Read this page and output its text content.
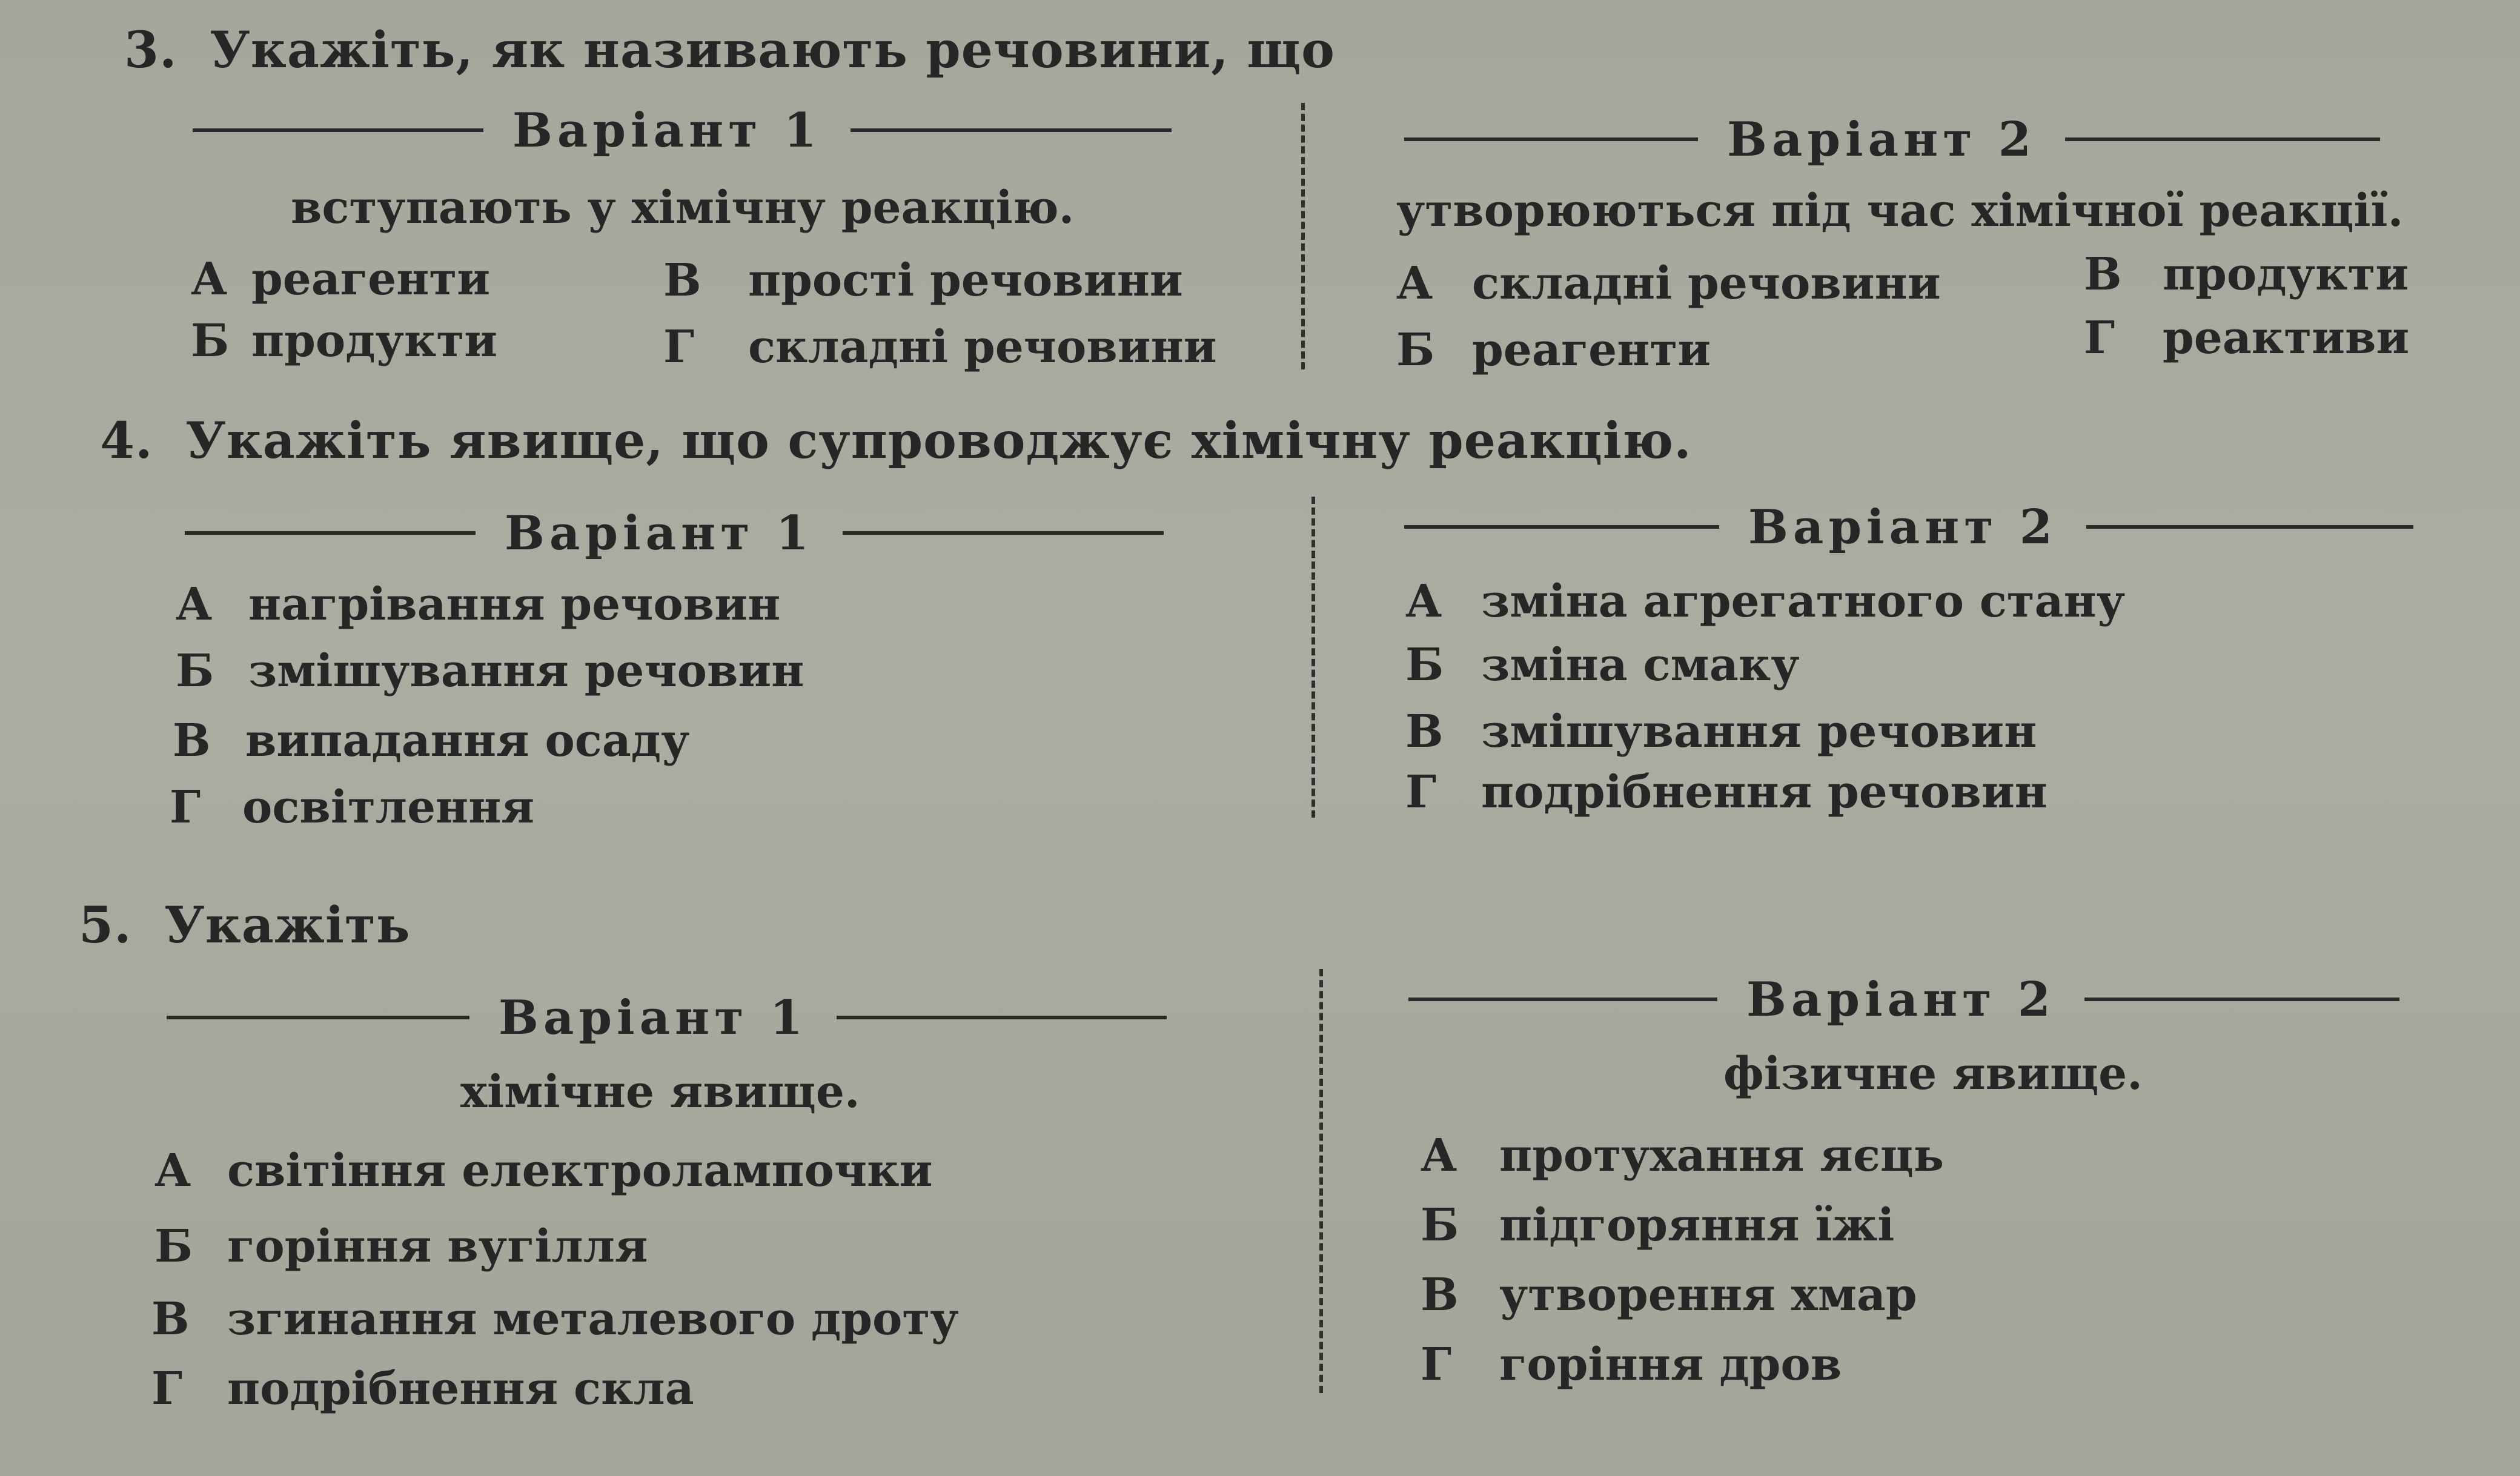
3. Укажіть, як називають речовини, що
Варіант 1	Варіант 2
вступають у хімічну реакцію.	утворюються під час хімічної реакції.
А реагенти
Б продукти
В прості речовини
Г складні речовини
А складні речовини
Б реагенти
В продукти
Г реактиви
4. Укажіть явище, що супроводжує хімічну реакцію.
Варіант 1	Варіант 2
А нагрівання речовин
Б змішування речовин
В випадання осаду
Г освітлення
А зміна агрегатного стану
Б зміна смаку
В змішування речовин
Г подрібнення речовин
5. Укажіть
Варіант 1	Варіант 2
хімічне явище.	фізичне явище.
А світіння електролампочки
Б горіння вугілля
В згинання металевого дроту
Г подрібнення скла
А протухання яєць
Б підгоряння їжі
В утворення хмар
Г горіння дров
